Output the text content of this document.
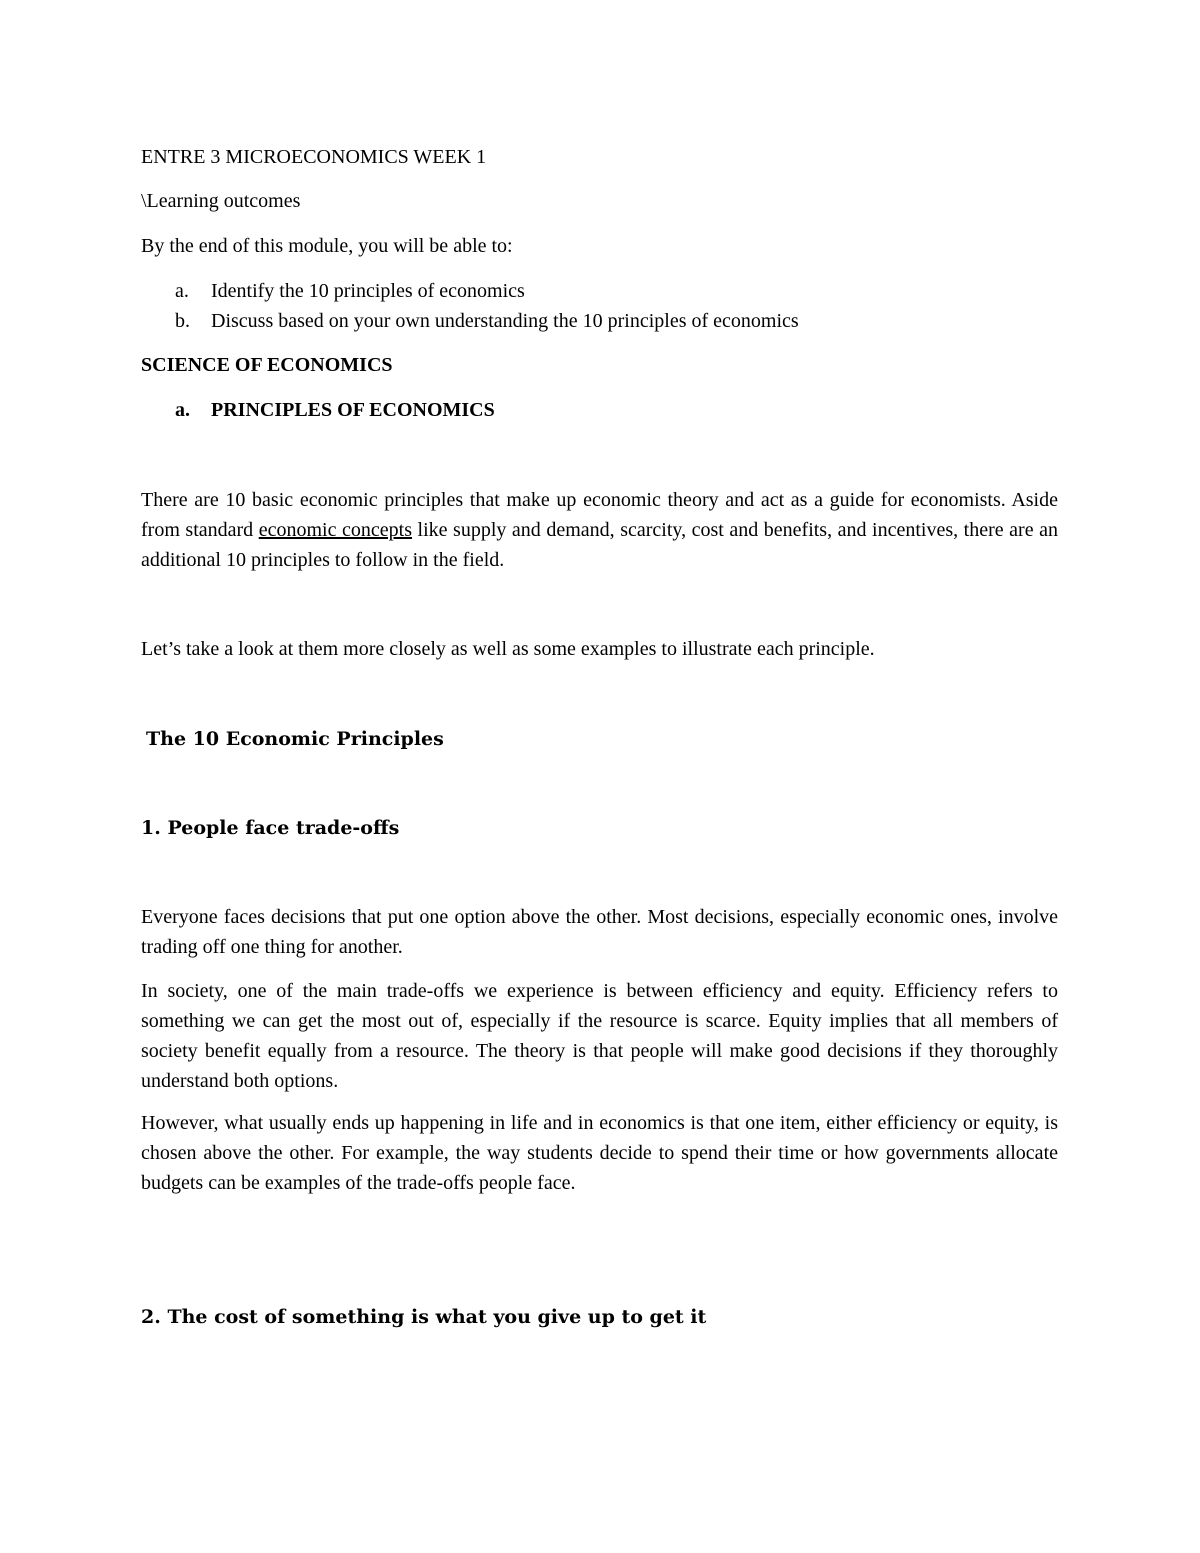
ENTRE 3 MICROECONOMICS WEEK 1

\Learning outcomes

By the end of this module, you will be able to:

a. Identify the 10 principles of economics
b. Discuss based on your own understanding the 10 principles of economics

SCIENCE OF ECONOMICS

a. PRINCIPLES OF ECONOMICS

There are 10 basic economic principles that make up economic theory and act as a guide for economists. Aside from standard economic concepts like supply and demand, scarcity, cost and benefits, and incentives, there are an additional 10 principles to follow in the field.

Let’s take a look at them more closely as well as some examples to illustrate each principle.

The 10 Economic Principles

1. People face trade-offs

Everyone faces decisions that put one option above the other. Most decisions, especially economic ones, involve trading off one thing for another.

In society, one of the main trade-offs we experience is between efficiency and equity. Efficiency refers to something we can get the most out of, especially if the resource is scarce. Equity implies that all members of society benefit equally from a resource. The theory is that people will make good decisions if they thoroughly understand both options.

However, what usually ends up happening in life and in economics is that one item, either efficiency or equity, is chosen above the other. For example, the way students decide to spend their time or how governments allocate budgets can be examples of the trade-offs people face.

2. The cost of something is what you give up to get it
